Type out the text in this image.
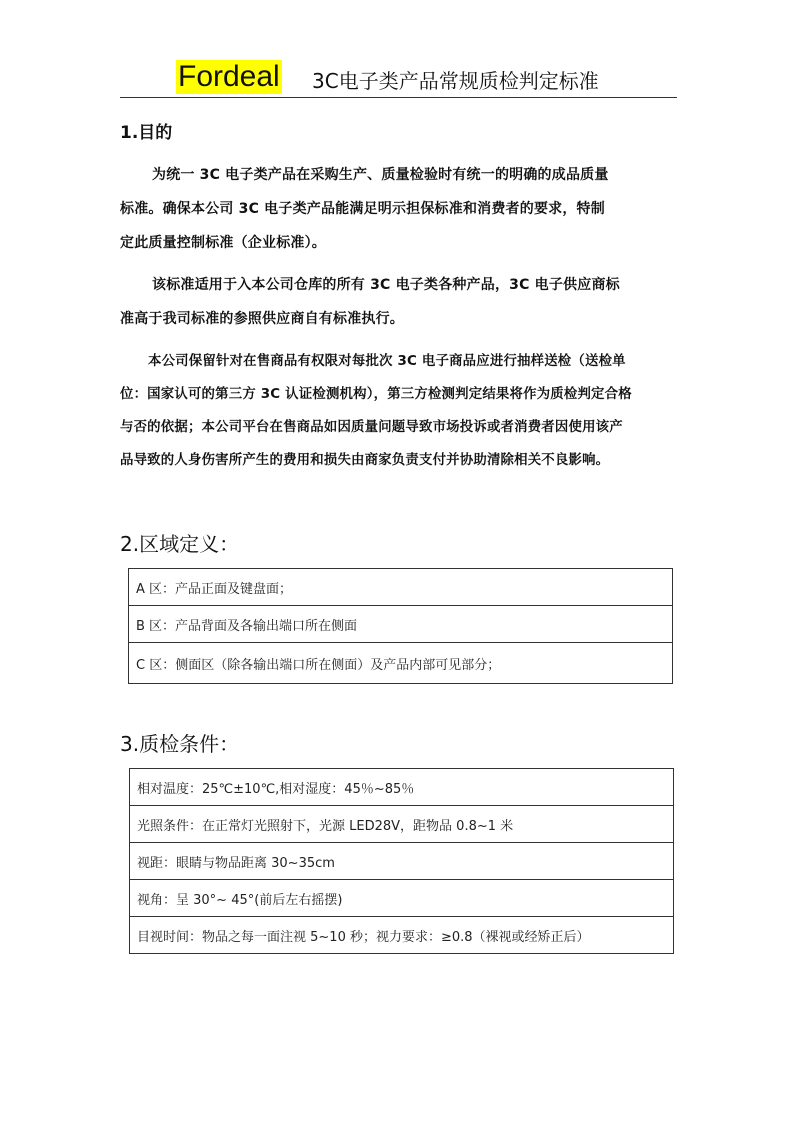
Fordeal 3C电子类产品常规质检判定标准
1.目的
为统一 3C 电子类产品在采购生产、质量检验时有统一的明确的成品质量
标准。确保本公司 3C 电子类产品能满足明示担保标准和消费者的要求，特制
定此质量控制标准（企业标准）。
该标准适用于入本公司仓库的所有 3C 电子类各种产品，3C 电子供应商标
准高于我司标准的参照供应商自有标准执行。
本公司保留针对在售商品有权限对每批次 3C 电子商品应进行抽样送检（送检单
位：国家认可的第三方 3C 认证检测机构），第三方检测判定结果将作为质检判定合格
与否的依据；本公司平台在售商品如因质量问题导致市场投诉或者消费者因使用该产
品导致的人身伤害所产生的费用和损失由商家负责支付并协助清除相关不良影响。
2.区域定义：
A 区：产品正面及键盘面；
B 区：产品背面及各输出端口所在侧面
C 区：侧面区（除各输出端口所在侧面）及产品内部可见部分；
3.质检条件：
相对温度：25℃±10℃,相对湿度：45％~85％
光照条件：在正常灯光照射下，光源 LED28V，距物品 0.8~1 米
视距：眼睛与物品距离 30~35cm
视角：呈 30°~ 45°(前后左右摇摆)
目视时间：物品之每一面注视 5~10 秒；视力要求：≥0.8（裸视或经矫正后）
